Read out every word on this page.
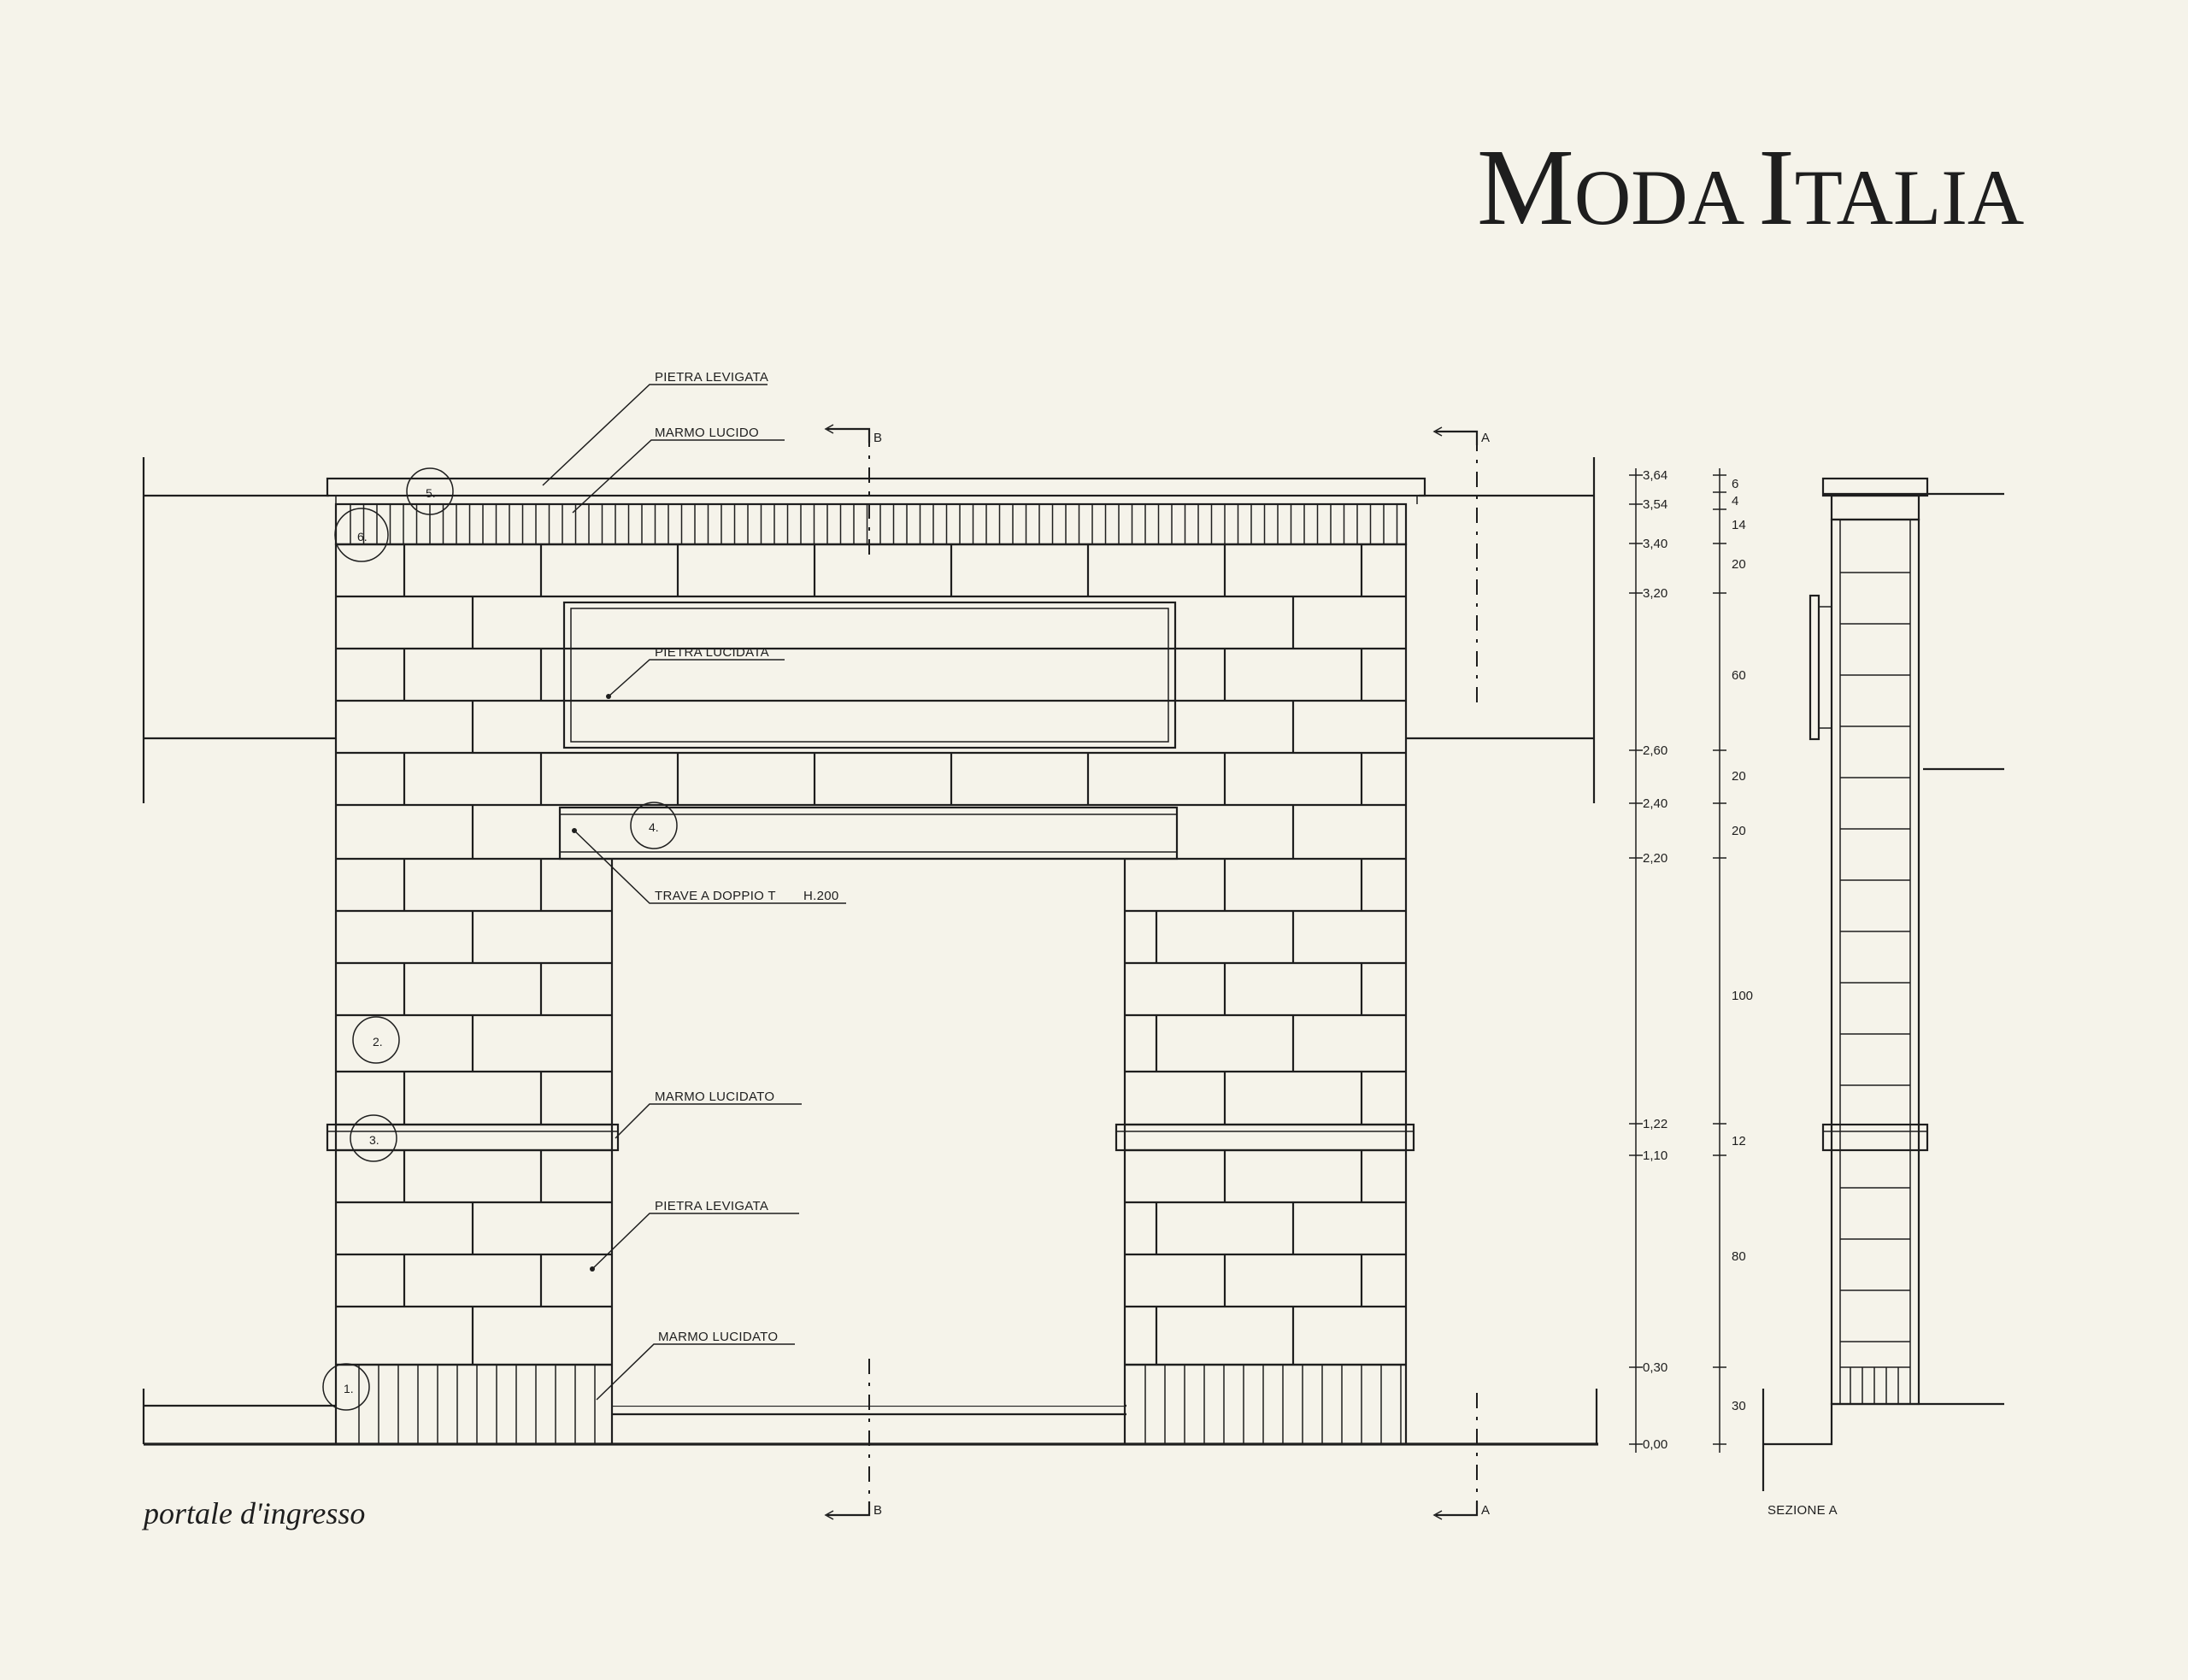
MODA ITALIA
1.
2.
3.
4.
5.
6.
PIETRA LEVIGATA
MARMO LUCIDO
PIETRA LUCIDATA
TRAVE A DOPPIO T H.200
MARMO LUCIDATO
PIETRA LEVIGATA
MARMO LUCIDATO
B
B
A
A
3,64
3,54
3,40
3,20
2,60
2,40
2,20
1,22
1,10
0,30
0,00
6
4
14
20
60
20
20
100
12
80
30
SEZIONE A
portale d'ingresso
